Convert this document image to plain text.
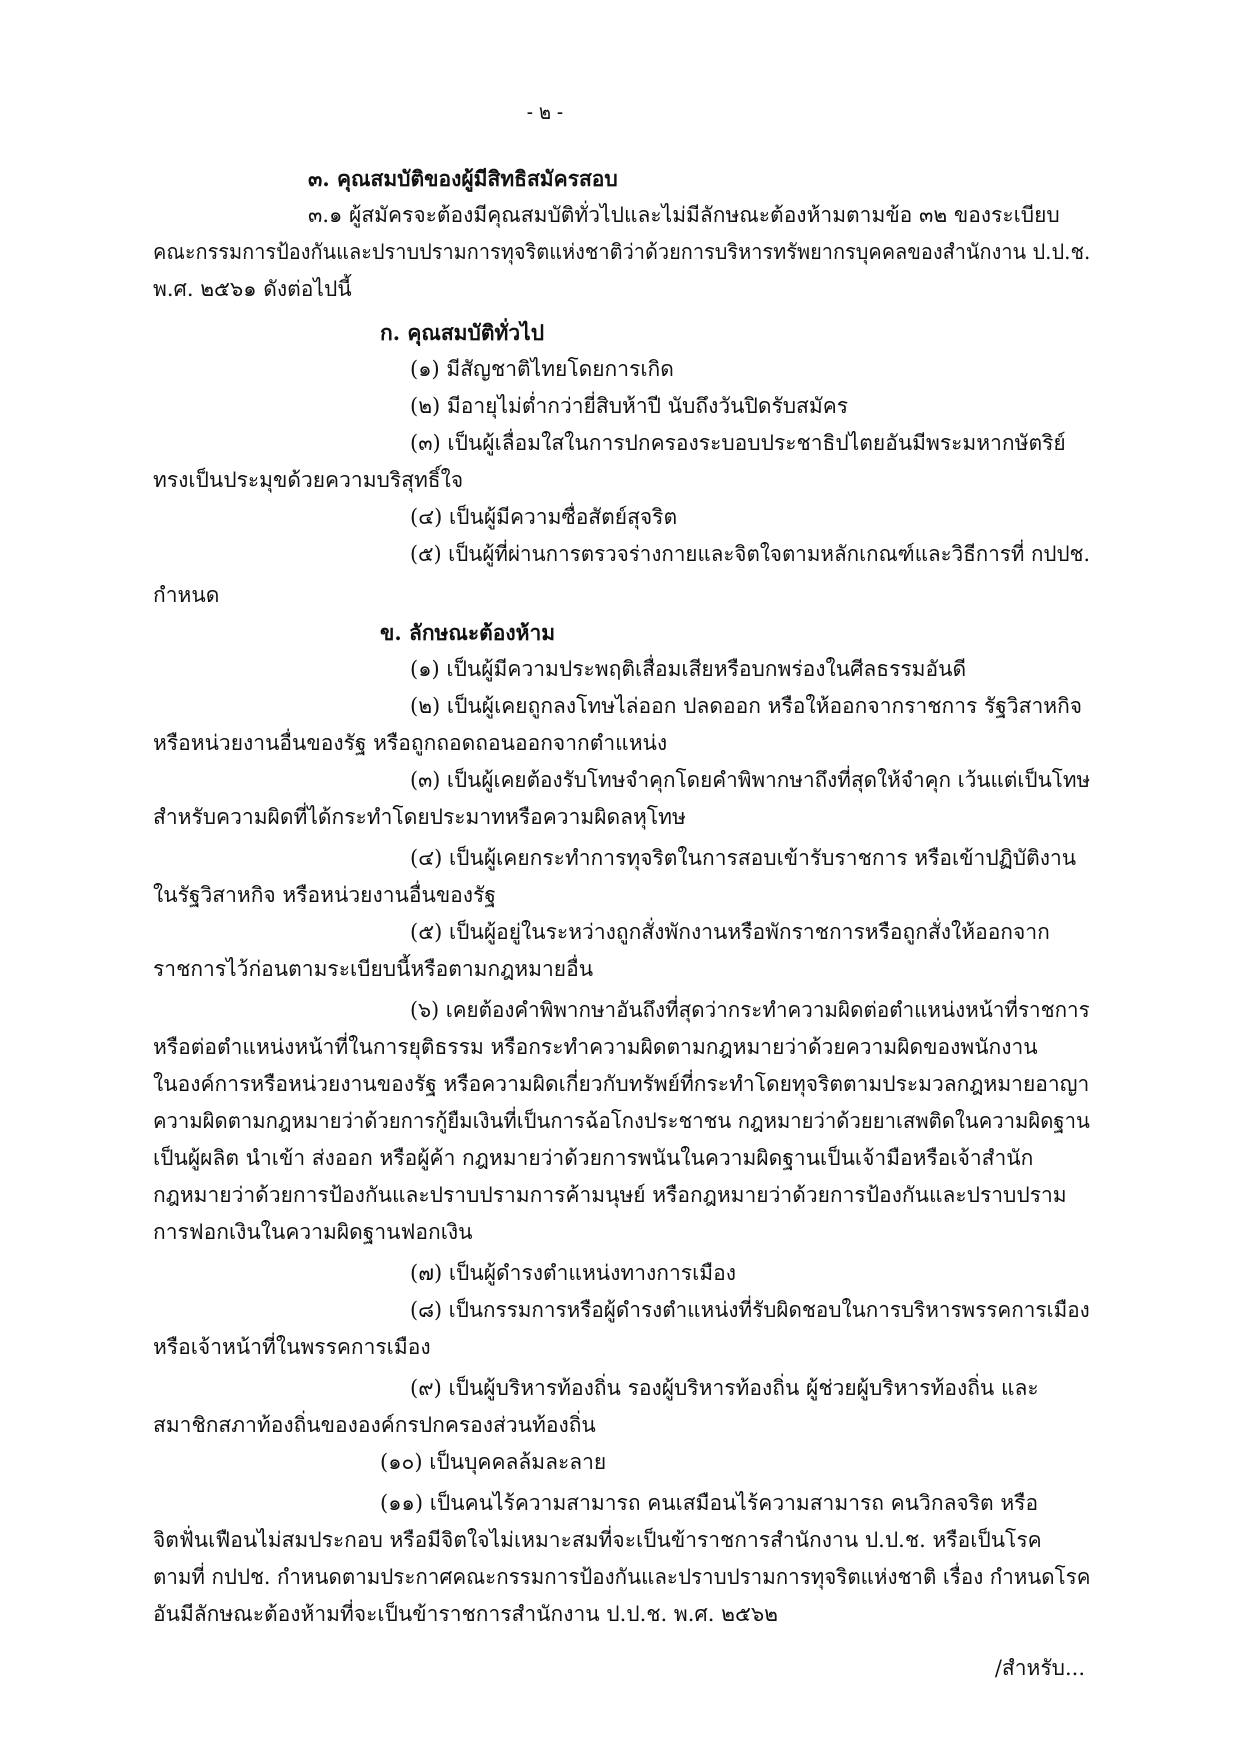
- ๒ -
๓. คุณสมบัติของผู้มีสิทธิสมัครสอบ
๓.๑ ผู้สมัครจะต้องมีคุณสมบัติทั่วไปและไม่มีลักษณะต้องห้ามตามข้อ ๓๒ ของระเบียบ
คณะกรรมการป้องกันและปราบปรามการทุจริตแห่งชาติว่าด้วยการบริหารทรัพยากรบุคคลของสำนักงาน ป.ป.ช.
พ.ศ. ๒๕๖๑ ดังต่อไปนี้
ก. คุณสมบัติทั่วไป
(๑) มีสัญชาติไทยโดยการเกิด
(๒) มีอายุไม่ต่ำกว่ายี่สิบห้าปี นับถึงวันปิดรับสมัคร
(๓) เป็นผู้เลื่อมใสในการปกครองระบอบประชาธิปไตยอันมีพระมหากษัตริย์
ทรงเป็นประมุขด้วยความบริสุทธิ์ใจ
(๔) เป็นผู้มีความซื่อสัตย์สุจริต
(๕) เป็นผู้ที่ผ่านการตรวจร่างกายและจิตใจตามหลักเกณฑ์และวิธีการที่ กปปช.
กำหนด
ข. ลักษณะต้องห้าม
(๑) เป็นผู้มีความประพฤติเสื่อมเสียหรือบกพร่องในศีลธรรมอันดี
(๒) เป็นผู้เคยถูกลงโทษไล่ออก ปลดออก หรือให้ออกจากราชการ รัฐวิสาหกิจ
หรือหน่วยงานอื่นของรัฐ หรือถูกถอดถอนออกจากตำแหน่ง
(๓) เป็นผู้เคยต้องรับโทษจำคุกโดยคำพิพากษาถึงที่สุดให้จำคุก เว้นแต่เป็นโทษ
สำหรับความผิดที่ได้กระทำโดยประมาทหรือความผิดลหุโทษ
(๔) เป็นผู้เคยกระทำการทุจริตในการสอบเข้ารับราชการ หรือเข้าปฏิบัติงาน
ในรัฐวิสาหกิจ หรือหน่วยงานอื่นของรัฐ
(๕) เป็นผู้อยู่ในระหว่างถูกสั่งพักงานหรือพักราชการหรือถูกสั่งให้ออกจาก
ราชการไว้ก่อนตามระเบียบนี้หรือตามกฎหมายอื่น
(๖) เคยต้องคำพิพากษาอันถึงที่สุดว่ากระทำความผิดต่อตำแหน่งหน้าที่ราชการ
หรือต่อตำแหน่งหน้าที่ในการยุติธรรม หรือกระทำความผิดตามกฎหมายว่าด้วยความผิดของพนักงาน
ในองค์การหรือหน่วยงานของรัฐ หรือความผิดเกี่ยวกับทรัพย์ที่กระทำโดยทุจริตตามประมวลกฎหมายอาญา
ความผิดตามกฎหมายว่าด้วยการกู้ยืมเงินที่เป็นการฉ้อโกงประชาชน กฎหมายว่าด้วยยาเสพติดในความผิดฐาน
เป็นผู้ผลิต นำเข้า ส่งออก หรือผู้ค้า กฎหมายว่าด้วยการพนันในความผิดฐานเป็นเจ้ามือหรือเจ้าสำนัก
กฎหมายว่าด้วยการป้องกันและปราบปรามการค้ามนุษย์ หรือกฎหมายว่าด้วยการป้องกันและปราบปราม
การฟอกเงินในความผิดฐานฟอกเงิน
(๗) เป็นผู้ดำรงตำแหน่งทางการเมือง
(๘) เป็นกรรมการหรือผู้ดำรงตำแหน่งที่รับผิดชอบในการบริหารพรรคการเมือง
หรือเจ้าหน้าที่ในพรรคการเมือง
(๙) เป็นผู้บริหารท้องถิ่น รองผู้บริหารท้องถิ่น ผู้ช่วยผู้บริหารท้องถิ่น และ
สมาชิกสภาท้องถิ่นขององค์กรปกครองส่วนท้องถิ่น
(๑๐) เป็นบุคคลล้มละลาย
(๑๑) เป็นคนไร้ความสามารถ คนเสมือนไร้ความสามารถ คนวิกลจริต หรือ
จิตฟั่นเฟือนไม่สมประกอบ หรือมีจิตใจไม่เหมาะสมที่จะเป็นข้าราชการสำนักงาน ป.ป.ช. หรือเป็นโรค
ตามที่ กปปช. กำหนดตามประกาศคณะกรรมการป้องกันและปราบปรามการทุจริตแห่งชาติ เรื่อง กำหนดโรค
อันมีลักษณะต้องห้ามที่จะเป็นข้าราชการสำนักงาน ป.ป.ช. พ.ศ. ๒๕๖๒
/สำหรับ...
